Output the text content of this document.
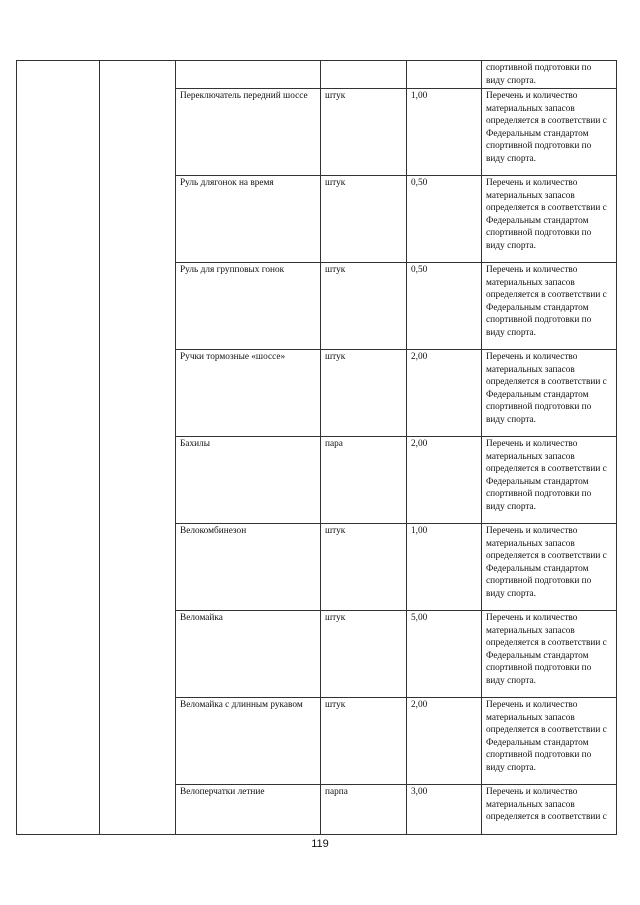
					спортивной подготовки по виду спорта.
		Переключатель передний шоссе	штук	1,00	Перечень и количество материальных запасов определяется в соответствии с Федеральным стандартом спортивной подготовки по виду спорта.
		Руль длягонок на время	штук	0,50	Перечень и количество материальных запасов определяется в соответствии с Федеральным стандартом спортивной подготовки по виду спорта.
		Руль для групповых гонок	штук	0,50	Перечень и количество материальных запасов определяется в соответствии с Федеральным стандартом спортивной подготовки по виду спорта.
		Ручки тормозные «шоссе»	штук	2,00	Перечень и количество материальных запасов определяется в соответствии с Федеральным стандартом спортивной подготовки по виду спорта.
		Бахилы	пара	2,00	Перечень и количество материальных запасов определяется в соответствии с Федеральным стандартом спортивной подготовки по виду спорта.
		Велокомбинезон	штук	1,00	Перечень и количество материальных запасов определяется в соответствии с Федеральным стандартом спортивной подготовки по виду спорта.
		Веломайка	штук	5,00	Перечень и количество материальных запасов определяется в соответствии с Федеральным стандартом спортивной подготовки по виду спорта.
		Веломайка с длинным рукавом	штук	2,00	Перечень и количество материальных запасов определяется в соответствии с Федеральным стандартом спортивной подготовки по виду спорта.
		Велоперчатки летние	парпа	3,00	Перечень и количество материальных запасов определяется в соответствии с
119
